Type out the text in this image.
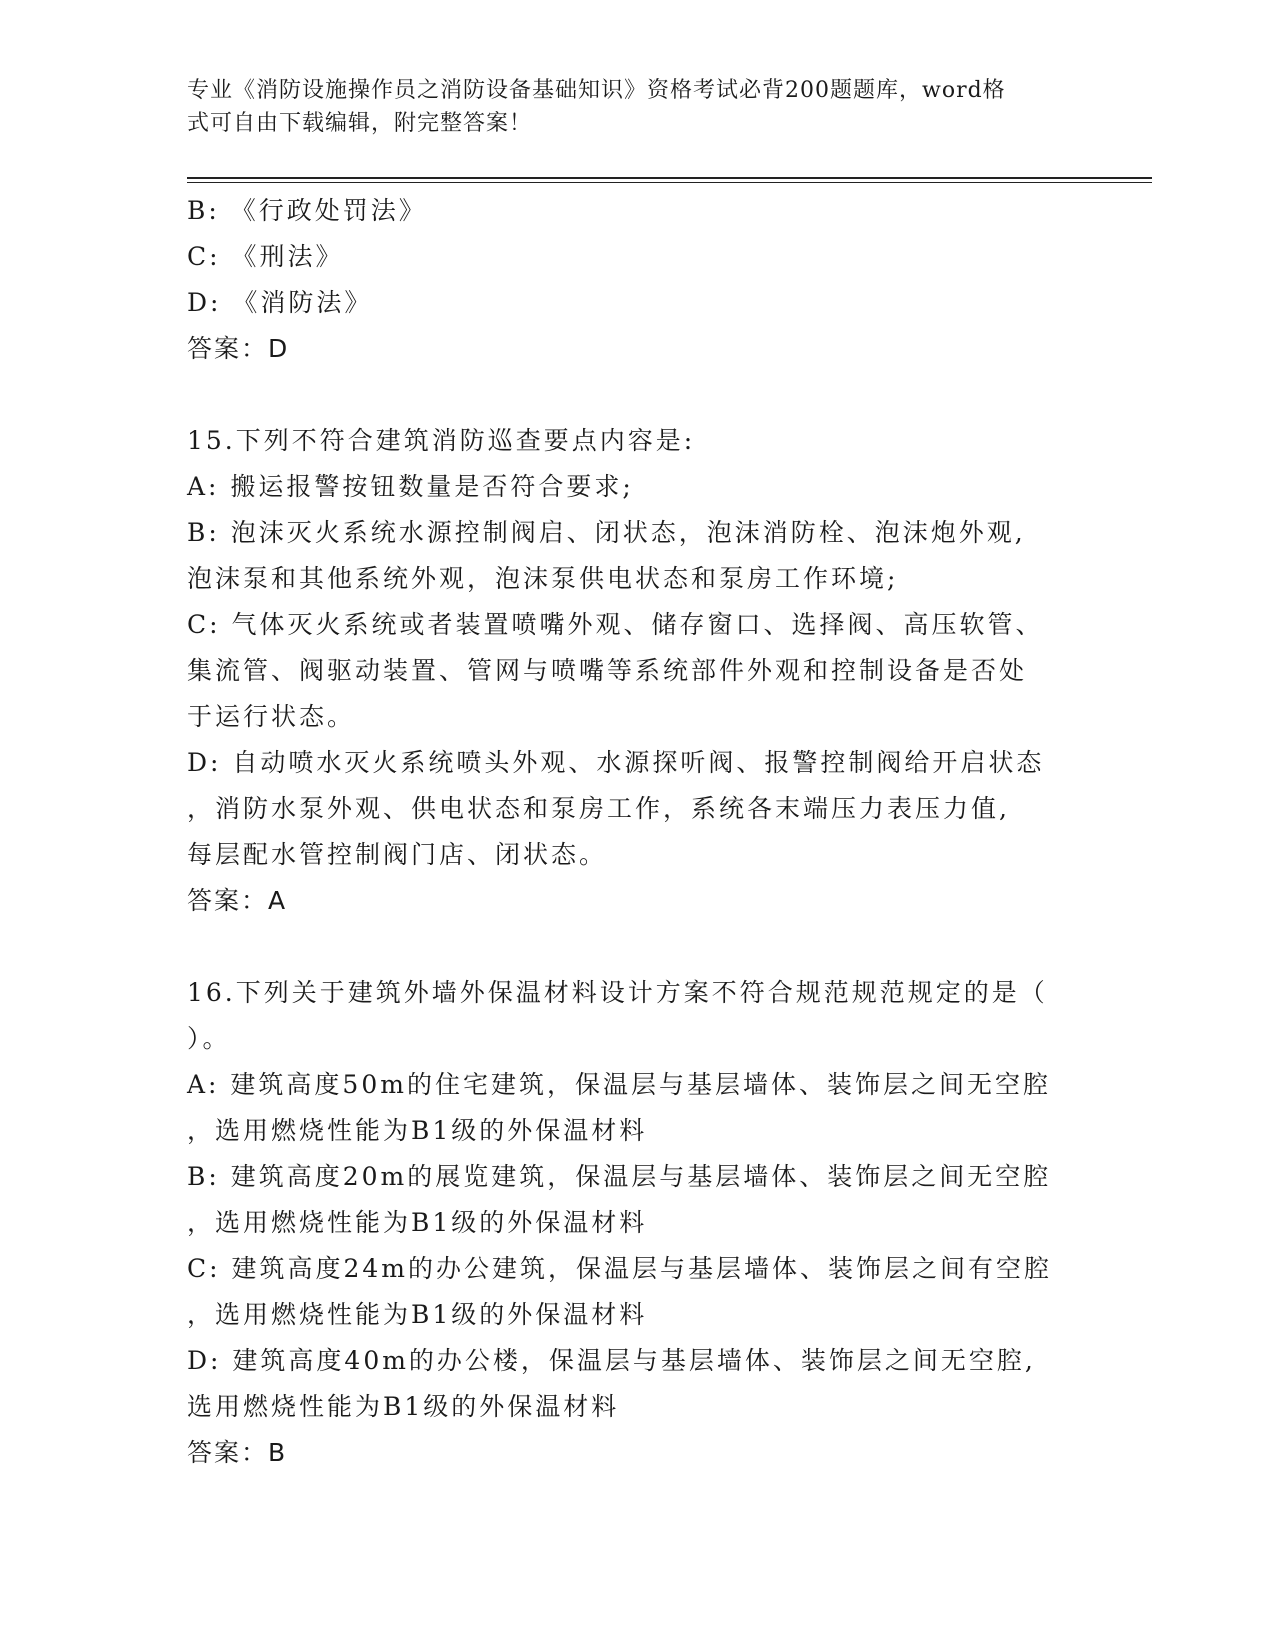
专业《消防设施操作员之消防设备基础知识》资格考试必背200题题库，word格
式可自由下载编辑，附完整答案！
B: 《行政处罚法》
C: 《刑法》
D: 《消防法》
答案：D
15.下列不符合建筑消防巡查要点内容是:
A: 搬运报警按钮数量是否符合要求;
B: 泡沫灭火系统水源控制阀启、闭状态，泡沫消防栓、泡沫炮外观,
泡沫泵和其他系统外观，泡沫泵供电状态和泵房工作环境;
C: 气体灭火系统或者装置喷嘴外观、储存窗口、选择阀、高压软管、
集流管、阀驱动装置、管网与喷嘴等系统部件外观和控制设备是否处
于运行状态。
D: 自动喷水灭火系统喷头外观、水源探听阀、报警控制阀给开启状态
，消防水泵外观、供电状态和泵房工作，系统各末端压力表压力值,
每层配水管控制阀门店、闭状态。
答案：A
16.下列关于建筑外墙外保温材料设计方案不符合规范规范规定的是（
）。
A: 建筑高度50m的住宅建筑，保温层与基层墙体、装饰层之间无空腔
，选用燃烧性能为B1级的外保温材料
B: 建筑高度20m的展览建筑，保温层与基层墙体、装饰层之间无空腔
，选用燃烧性能为B1级的外保温材料
C: 建筑高度24m的办公建筑，保温层与基层墙体、装饰层之间有空腔
，选用燃烧性能为B1级的外保温材料
D: 建筑高度40m的办公楼，保温层与基层墙体、装饰层之间无空腔,
选用燃烧性能为B1级的外保温材料
答案：B
